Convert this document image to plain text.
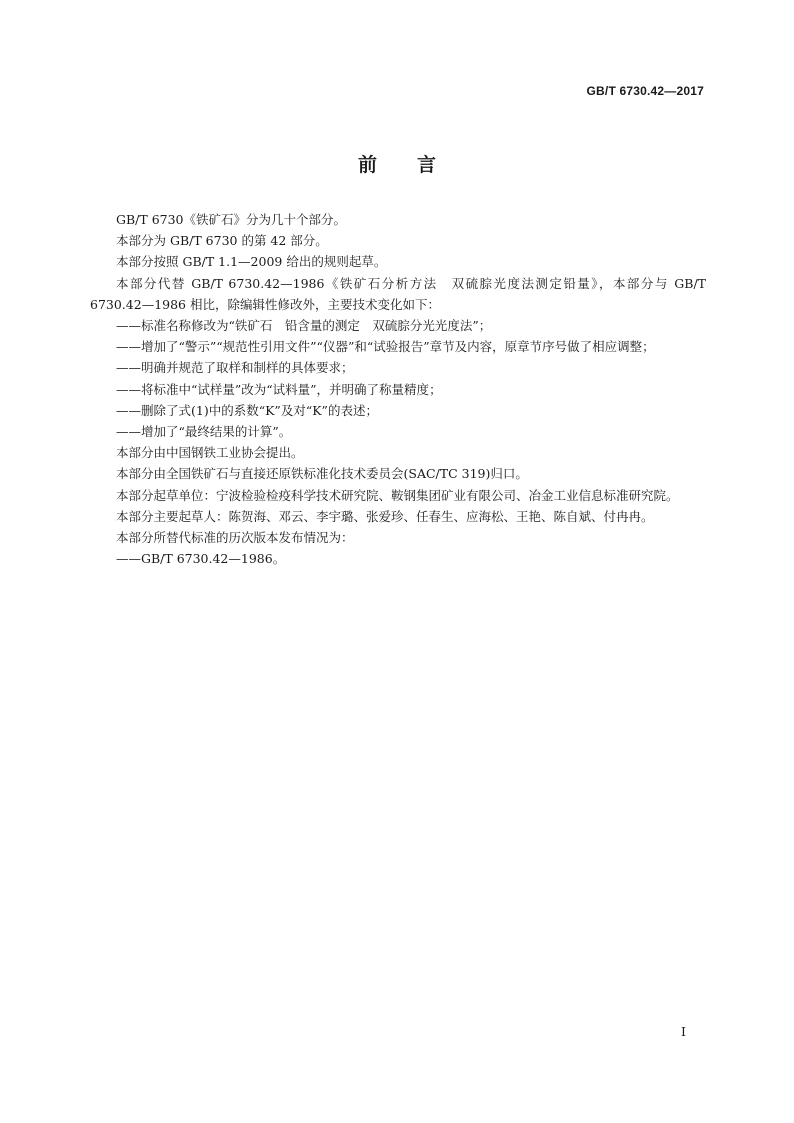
GB/T 6730.42—2017
前 言

GB/T 6730《铁矿石》分为几十个部分。

本部分为 GB/T 6730 的第 42 部分。

本部分按照 GB/T 1.1—2009 给出的规则起草。

本部分代替 GB/T 6730.42—1986《铁矿石分析方法　双硫腙光度法测定铅量》，本部分与 GB/T 6730.42—1986 相比，除编辑性修改外，主要技术变化如下：

——标准名称修改为“铁矿石　铅含量的测定　双硫腙分光光度法”；

——增加了“警示”“规范性引用文件”“仪器”和“试验报告”章节及内容，原章节序号做了相应调整；

——明确并规范了取样和制样的具体要求；

——将标准中“试样量”改为“试料量”，并明确了称量精度；

——删除了式(1)中的系数“K”及对“K”的表述；

——增加了“最终结果的计算”。

本部分由中国钢铁工业协会提出。

本部分由全国铁矿石与直接还原铁标准化技术委员会(SAC/TC 319)归口。

本部分起草单位：宁波检验检疫科学技术研究院、鞍钢集团矿业有限公司、冶金工业信息标准研究院。

本部分主要起草人：陈贺海、邓云、李宇璐、张爱珍、任春生、应海松、王艳、陈自斌、付冉冉。

本部分所替代标准的历次版本发布情况为：

——GB/T 6730.42—1986。

I
